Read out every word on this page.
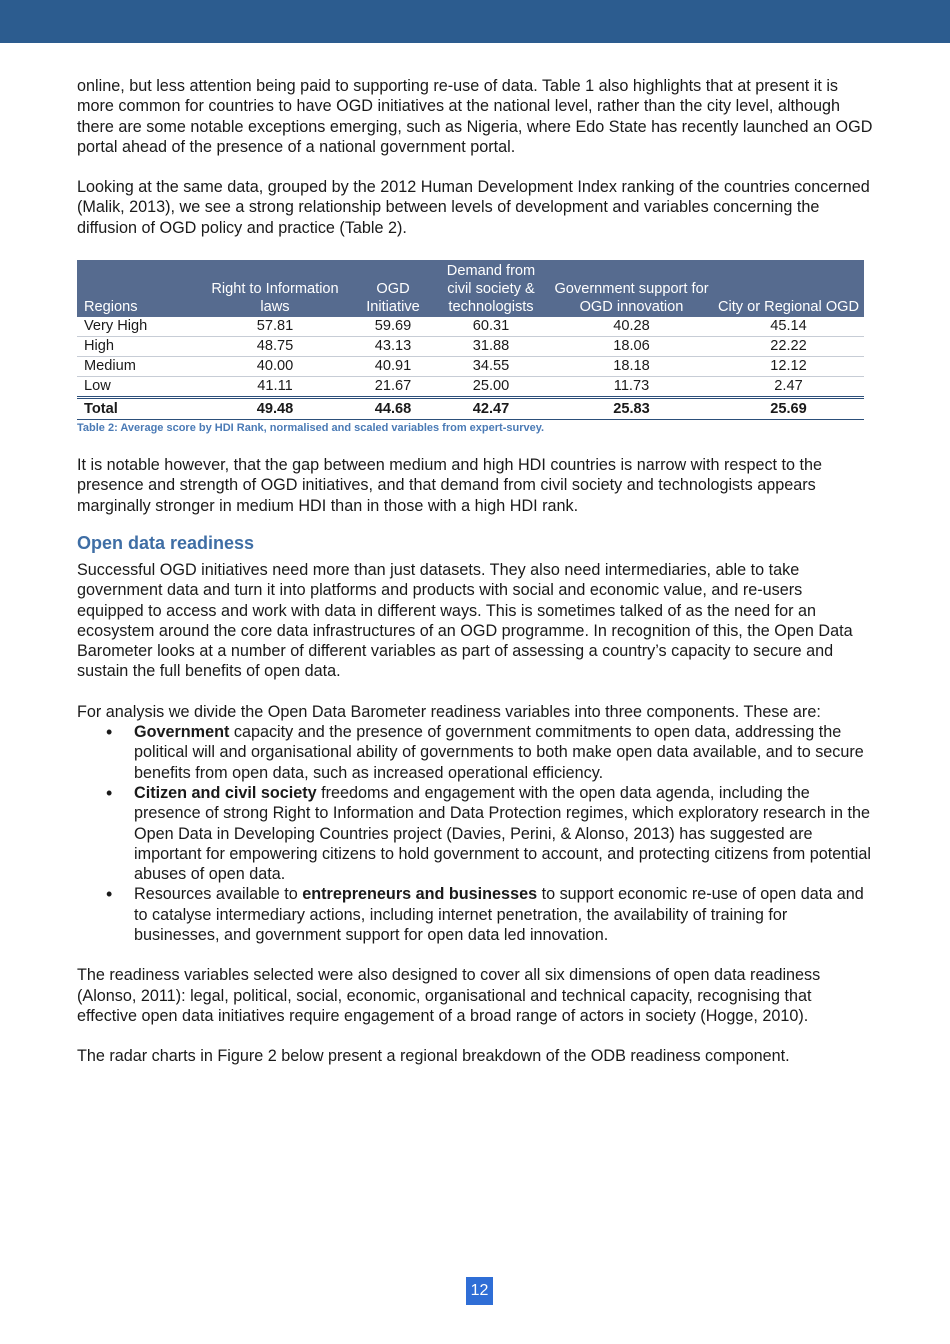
online, but less attention being paid to supporting re-use of data. Table 1 also highlights that at present it is more common for countries to have OGD initiatives at the national level, rather than the city level, although there are some notable exceptions emerging, such as Nigeria, where Edo State has recently launched an OGD portal ahead of the presence of a national government portal.

Looking at the same data, grouped by the 2012 Human Development Index ranking of the countries concerned (Malik, 2013), we see a strong relationship between levels of development and variables concerning the diffusion of OGD policy and practice (Table 2).

Regions	Right to Information laws	OGD Initiative	Demand from civil society & technologists	Government support for OGD innovation	City or Regional OGD
Very High	57.81	59.69	60.31	40.28	45.14
High	48.75	43.13	31.88	18.06	22.22
Medium	40.00	40.91	34.55	18.18	12.12
Low	41.11	21.67	25.00	11.73	2.47
Total	49.48	44.68	42.47	25.83	25.69
Table 2: Average score by HDI Rank, normalised and scaled variables from expert-survey.

It is notable however, that the gap between medium and high HDI countries is narrow with respect to the presence and strength of OGD initiatives, and that demand from civil society and technologists appears marginally stronger in medium HDI than in those with a high HDI rank.

Open data readiness

Successful OGD initiatives need more than just datasets. They also need intermediaries, able to take government data and turn it into platforms and products with social and economic value, and re-users equipped to access and work with data in different ways. This is sometimes talked of as the need for an ecosystem around the core data infrastructures of an OGD programme. In recognition of this, the Open Data Barometer looks at a number of different variables as part of assessing a country’s capacity to secure and sustain the full benefits of open data.

For analysis we divide the Open Data Barometer readiness variables into three components. These are:

• Government capacity and the presence of government commitments to open data, addressing the political will and organisational ability of governments to both make open data available, and to secure benefits from open data, such as increased operational efficiency.
• Citizen and civil society freedoms and engagement with the open data agenda, including the presence of strong Right to Information and Data Protection regimes, which exploratory research in the Open Data in Developing Countries project (Davies, Perini, & Alonso, 2013) has suggested are important for empowering citizens to hold government to account, and protecting citizens from potential abuses of open data.
• Resources available to entrepreneurs and businesses to support economic re-use of open data and to catalyse intermediary actions, including internet penetration, the availability of training for businesses, and government support for open data led innovation.

The readiness variables selected were also designed to cover all six dimensions of open data readiness (Alonso, 2011): legal, political, social, economic, organisational and technical capacity, recognising that effective open data initiatives require engagement of a broad range of actors in society (Hogge, 2010).

The radar charts in Figure 2 below present a regional breakdown of the ODB readiness component.

12
